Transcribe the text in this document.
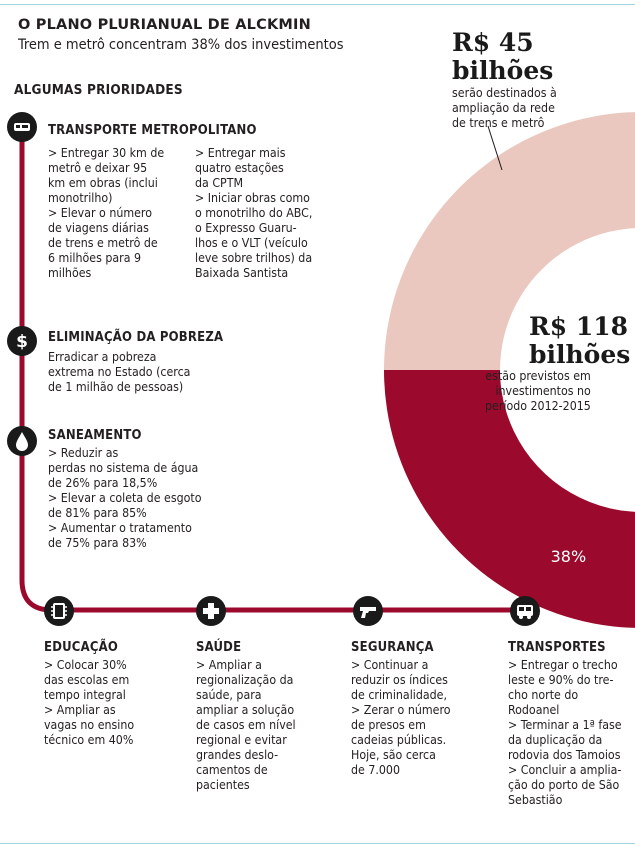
O PLANO PLURIANUAL DE ALCKMIN
Trem e metrô concentram 38% dos investimentos
ALGUMAS PRIORIDADES
38%
$
TRANSPORTE METROPOLITANO
> Entregar 30 km de
metrô e deixar 95
km em obras (inclui
monotrilho)
> Elevar o número
de viagens diárias
de trens e metrô de
6 milhões para 9
milhões
> Entregar mais
quatro estações
da CPTM
> Iniciar obras como
o monotrilho do ABC,
o Expresso Guaru-
lhos e o VLT (veículo
leve sobre trilhos) da
Baixada Santista
ELIMINAÇÃO DA POBREZA
Erradicar a pobreza
extrema no Estado (cerca
de 1 milhão de pessoas)
SANEAMENTO
> Reduzir as
perdas no sistema de água
de 26% para 18,5%
> Elevar a coleta de esgoto
de 81% para 85%
> Aumentar o tratamento
de 75% para 83%
EDUCAÇÃO
> Colocar 30%
das escolas em
tempo integral
> Ampliar as
vagas no ensino
técnico em 40%
SAÚDE
> Ampliar a
regionalização da
saúde, para
ampliar a solução
de casos em nível
regional e evitar
grandes deslo-
camentos de
pacientes
SEGURANÇA
> Continuar a
reduzir os índices
de criminalidade,
> Zerar o número
de presos em
cadeias públicas.
Hoje, são cerca
de 7.000
TRANSPORTES
> Entregar o trecho
leste e 90% do tre-
cho norte do
Rodoanel
> Terminar a 1ª fase
da duplicação da
rodovia dos Tamoios
> Concluir a amplia-
ção do porto de São
Sebastião
R$ 45
bilhões
serão destinados à
ampliação da rede
de trens e metrô
R$ 118
bilhões
estão previstos em
investimentos no
período 2012-2015
